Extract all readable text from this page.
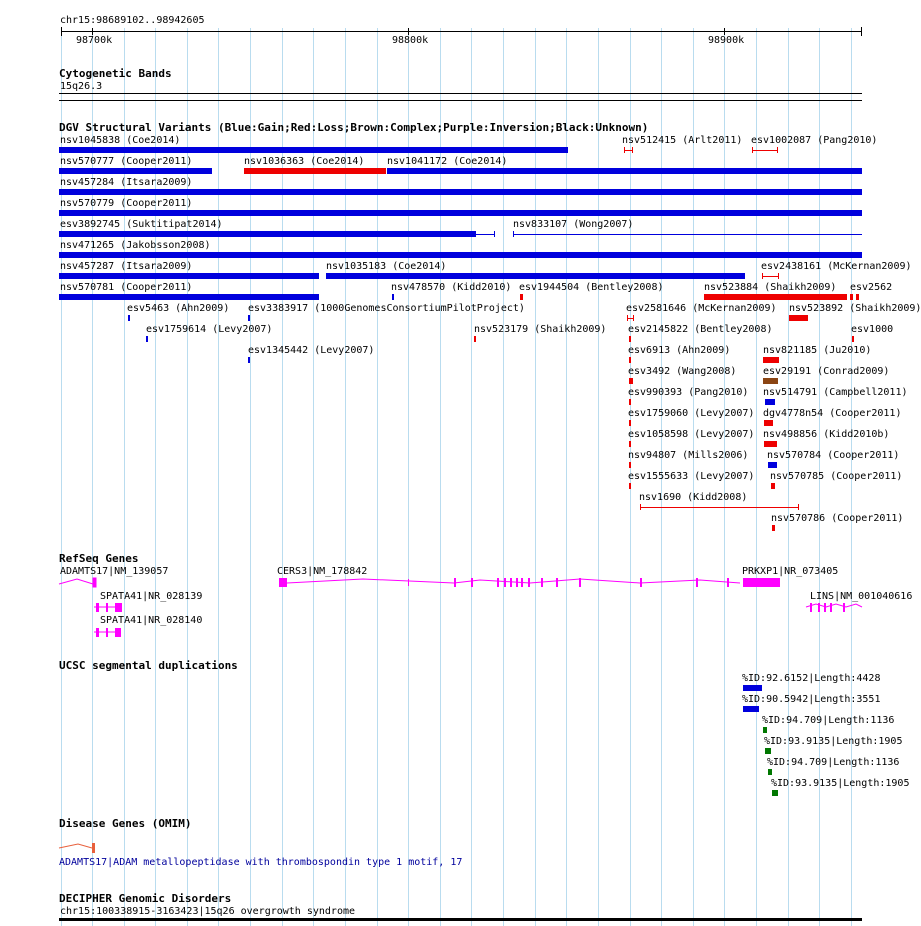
chr15:98689102..98942605
98700k	98800k	98900k
Cytogenetic Bands
15q26.3
DGV Structural Variants (Blue:Gain;Red:Loss;Brown:Complex;Purple:Inversion;Black:Unknown)
nsv1045838 (Coe2014)	nsv512415 (Arlt2011) esv1002087 (Pang2010)
nsv570777 (Cooper2011)	nsv1036363 (Coe2014) nsv1041172 (Coe2014)
nsv457284 (Itsara2009)
nsv570779 (Cooper2011)
esv3892745 (Suktitipat2014)	nsv833107 (Wong2007)
nsv471265 (Jakobsson2008)
nsv457287 (Itsara2009)	nsv1035183 (Coe2014)	esv2438161 (McKernan2009)
nsv570781 (Cooper2011)	nsv478570 (Kidd2010) esv1944504 (Bentley2008)	nsv523884 (Shaikh2009) esv2562
esv5463 (Ahn2009) esv3383917 (1000GenomesConsortiumPilotProject)	esv2581646 (McKernan2009) nsv523892 (Shaikh2009)
esv1759614 (Levy2007)	nsv523179 (Shaikh2009) esv2145822 (Bentley2008)	esv1000
esv1345442 (Levy2007)	esv6913 (Ahn2009)	nsv821185 (Ju2010)
esv3492 (Wang2008)	esv29191 (Conrad2009)
esv990393 (Pang2010) nsv514791 (Campbell2011)
esv1759060 (Levy2007) dgv4778n54 (Cooper2011)
esv1058598 (Levy2007) nsv498856 (Kidd2010b)
nsv94807 (Mills2006) nsv570784 (Cooper2011)
esv1555633 (Levy2007) nsv570785 (Cooper2011)
nsv1690 (Kidd2008)
nsv570786 (Cooper2011)
RefSeq Genes
ADAMTS17|NM_139057	CERS3|NM_178842	PRKXP1|NR_073405
SPATA41|NR_028139	LINS|NM_001040616
SPATA41|NR_028140
UCSC segmental duplications
%ID:92.6152|Length:4428
%ID:90.5942|Length:3551
%ID:94.709|Length:1136
%ID:93.9135|Length:1905
%ID:94.709|Length:1136
%ID:93.9135|Length:1905
Disease Genes (OMIM)
ADAMTS17|ADAM metallopeptidase with thrombospondin type 1 motif, 17
DECIPHER Genomic Disorders
chr15:100338915-3163423|15q26 overgrowth syndrome
